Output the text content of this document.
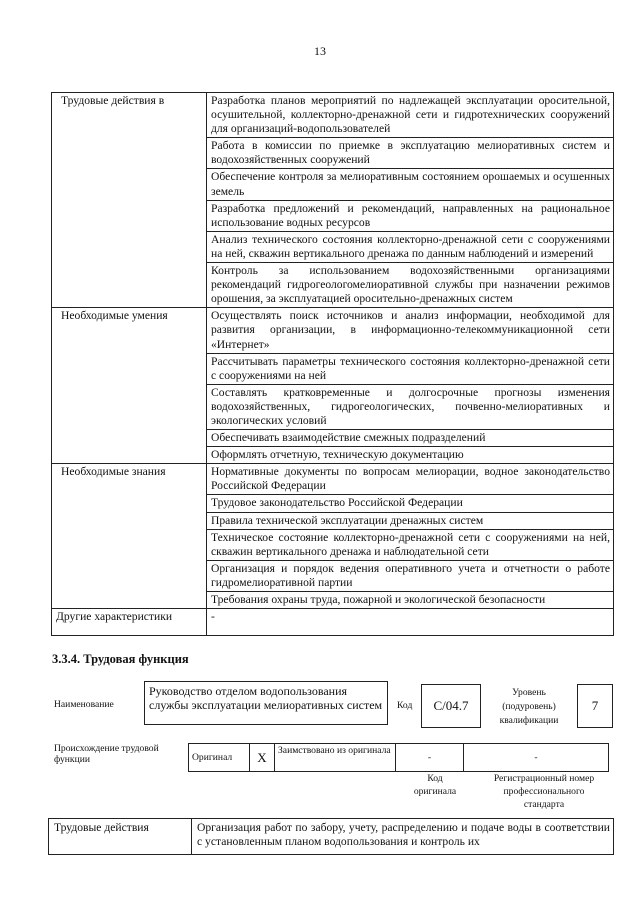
13
Трудовые действия в	Разработка планов мероприятий по надлежащей эксплуатации оросительной, осушительной, коллекторно-дренажной сети и гидротехнических сооружений для организаций-водопользователей
	Работа в комиссии по приемке в эксплуатацию мелиоративных систем и водохозяйственных сооружений
	Обеспечение контроля за мелиоративным состоянием орошаемых и осушенных земель
	Разработка предложений и рекомендаций, направленных на рациональное использование водных ресурсов
	Анализ технического состояния коллекторно-дренажной сети с сооружениями на ней, скважин вертикального дренажа по данным наблюдений и измерений
	Контроль за использованием водохозяйственными организациями рекомендаций гидрогеологомелиоративной службы при назначении режимов орошения, за эксплуатацией оросительно-дренажных систем
Необходимые умения	Осуществлять поиск источников и анализ информации, необходимой для развития организации, в информационно-телекоммуникационной сети «Интернет»
	Рассчитывать параметры технического состояния коллекторно-дренажной сети с сооружениями на ней
	Составлять кратковременные и долгосрочные прогнозы изменения водохозяйственных, гидрогеологических, почвенно-мелиоративных и экологических условий
	Обеспечивать взаимодействие смежных подразделений
	Оформлять отчетную, техническую документацию
Необходимые знания	Нормативные документы по вопросам мелиорации, водное законодательство Российской Федерации
	Трудовое законодательство Российской Федерации
	Правила технической эксплуатации дренажных систем
	Техническое состояние коллекторно-дренажной сети с сооружениями на ней, скважин вертикального дренажа и наблюдательной сети
	Организация и порядок ведения оперативного учета и отчетности о работе гидромелиоративной партии
	Требования охраны труда, пожарной и экологической безопасности
Другие характеристики	-
3.3.4. Трудовая функция
Наименование
Руководство отделом водопользования службы эксплуатации мелиоративных систем	Код	C/04.7
Уровень
(подуровень)
квалификации
7
Происхождение трудовой функции	Оригинал	X	Заимствовано из оригинала	-	-
Код
оригинала
Регистрационный номер
профессионального
стандарта
Трудовые действия	Организация работ по забору, учету, распределению и подаче воды в соответствии с установленным планом водопользования и контроль их
